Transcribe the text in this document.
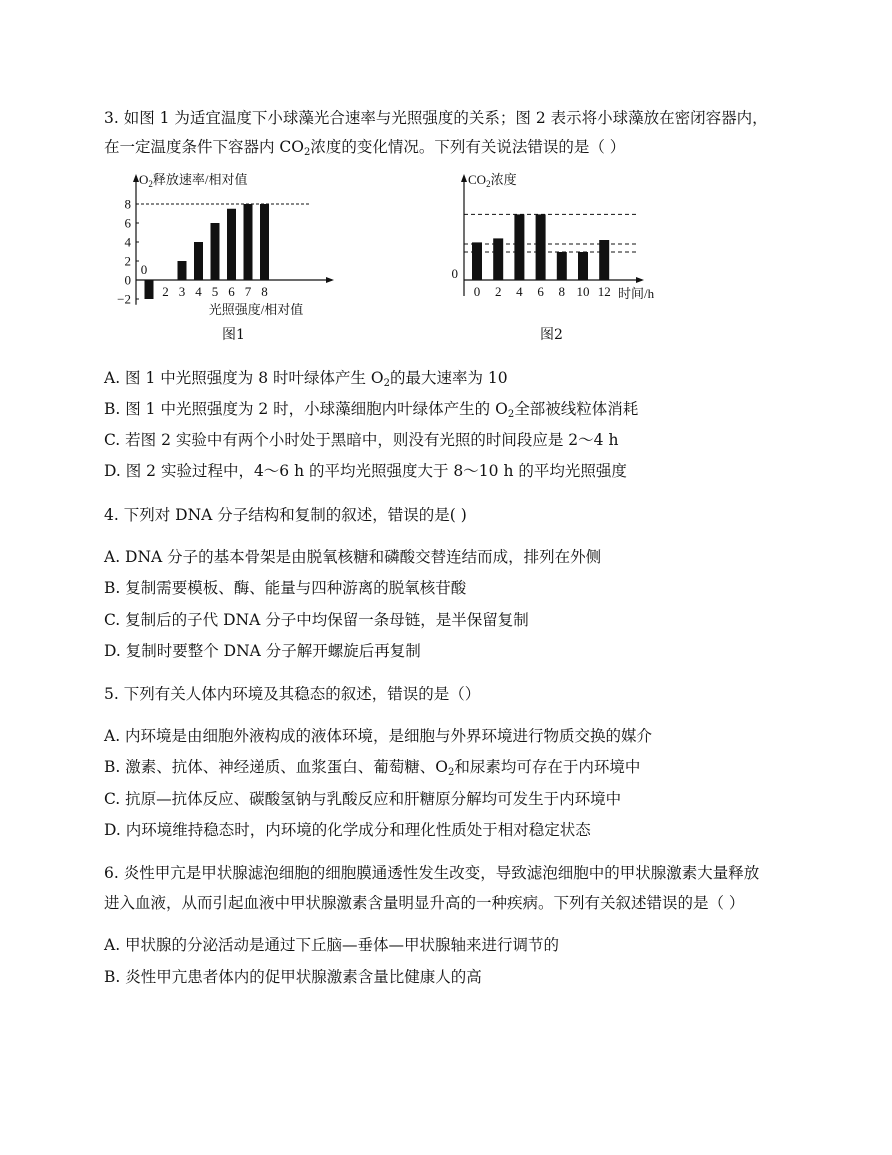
3. 如图 1 为适宜温度下小球藻光合速率与光照强度的关系；图 2 表示将小球藻放在密闭容器内，
在一定温度条件下容器内 $CO_2$浓度的变化情况。下列有关说法错误的是（ ）
8
6
4
2
0
−2
0
2 3 4 5 6 7 8
$O_2$释放速率/相对值
光照强度/相对值
图1
0
0 2 4 6 8 10 12
$CO_2$浓度
时间/h
图2
A. 图 1 中光照强度为 8 时叶绿体产生 $O_2$的最大速率为 10
B. 图 1 中光照强度为 2 时，小球藻细胞内叶绿体产生的 $O_2$全部被线粒体消耗
C. 若图 2 实验中有两个小时处于黑暗中，则没有光照的时间段应是 2～4 h
D. 图 2 实验过程中，4～6 h 的平均光照强度大于 8～10 h 的平均光照强度
4. 下列对 DNA 分子结构和复制的叙述，错误的是( )
A. DNA 分子的基本骨架是由脱氧核糖和磷酸交替连结而成，排列在外侧
B. 复制需要模板、酶、能量与四种游离的脱氧核苷酸
C. 复制后的子代 DNA 分子中均保留一条母链，是半保留复制
D. 复制时要整个 DNA 分子解开螺旋后再复制
5. 下列有关人体内环境及其稳态的叙述，错误的是（）
A. 内环境是由细胞外液构成的液体环境，是细胞与外界环境进行物质交换的媒介
B. 激素、抗体、神经递质、血浆蛋白、葡萄糖、$O_2$和尿素均可存在于内环境中
C. 抗原—抗体反应、碳酸氢钠与乳酸反应和肝糖原分解均可发生于内环境中
D. 内环境维持稳态时，内环境的化学成分和理化性质处于相对稳定状态
6. 炎性甲亢是甲状腺滤泡细胞的细胞膜通透性发生改变，导致滤泡细胞中的甲状腺激素大量释放
进入血液，从而引起血液中甲状腺激素含量明显升高的一种疾病。下列有关叙述错误的是（ ）
A. 甲状腺的分泌活动是通过下丘脑—垂体—甲状腺轴来进行调节的
B. 炎性甲亢患者体内的促甲状腺激素含量比健康人的高
